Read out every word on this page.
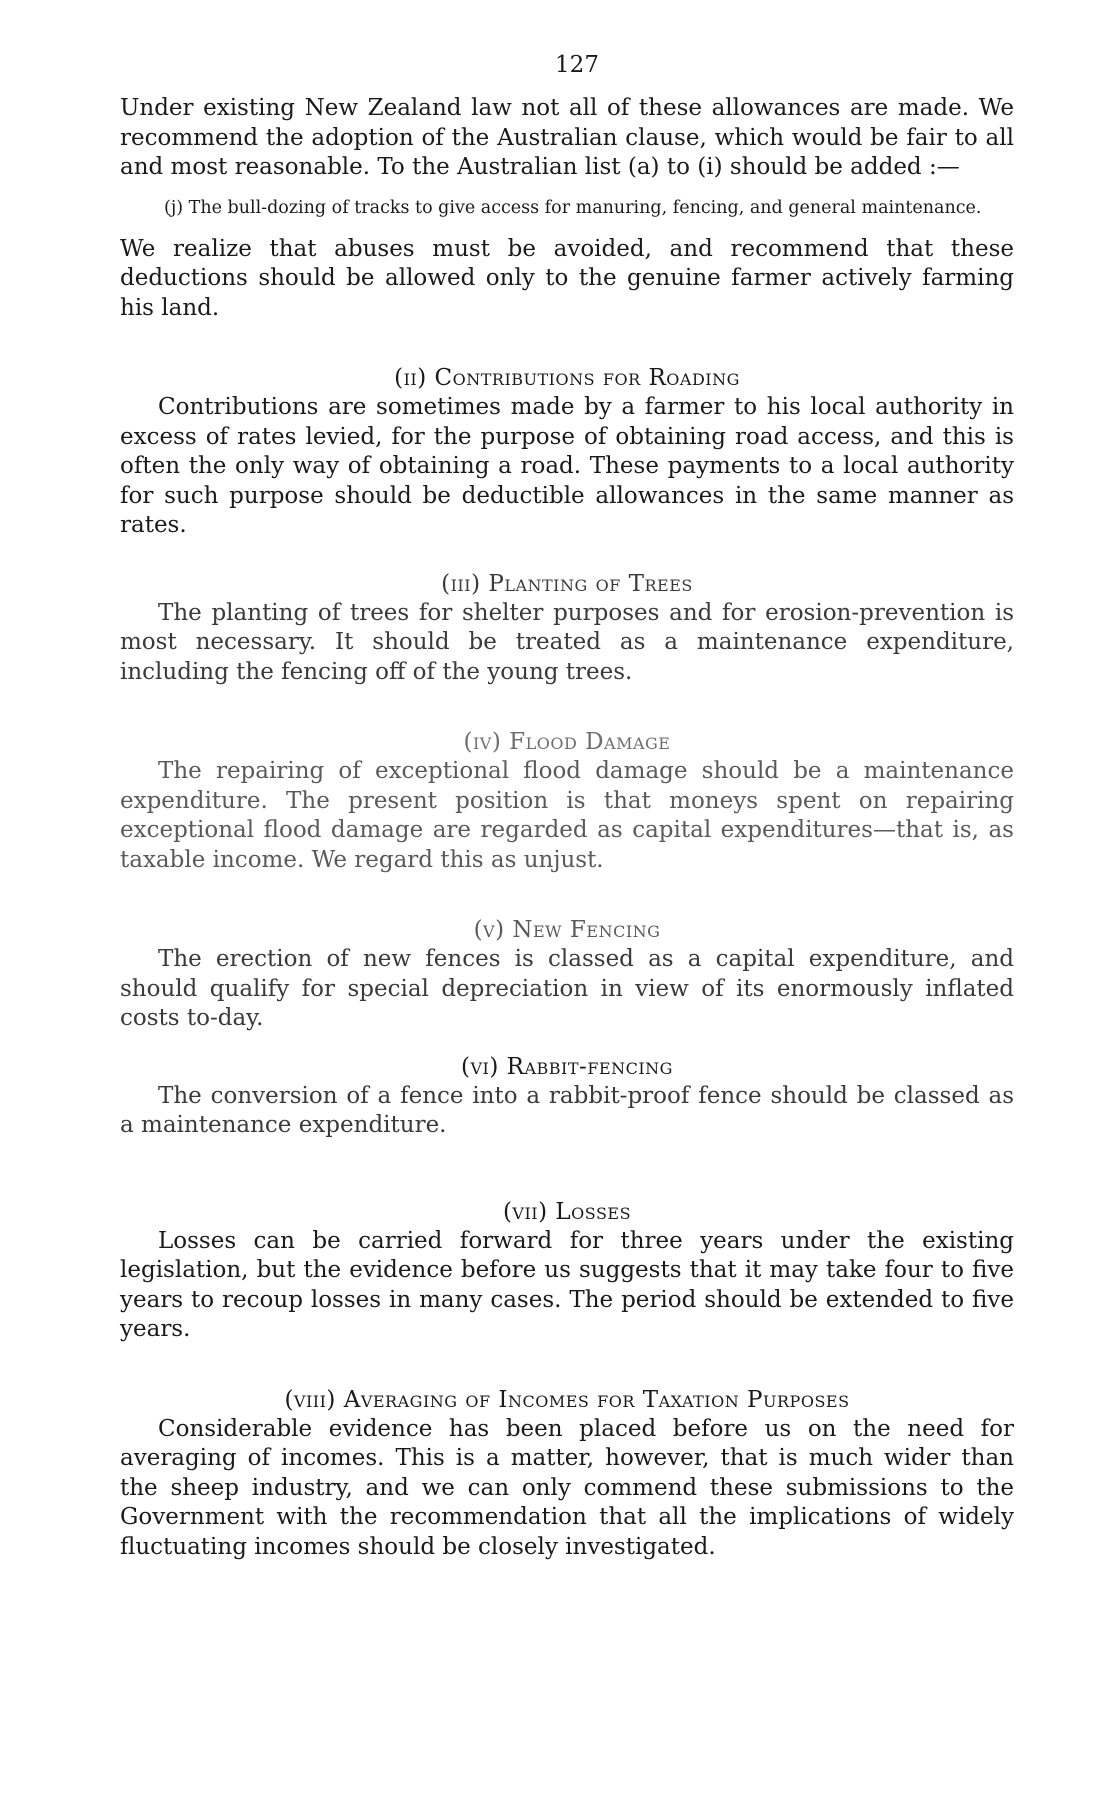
127

Under existing New Zealand law not all of these allowances are made. We recommend the adoption of the Australian clause, which would be fair to all and most reasonable. To the Australian list (a) to (i) should be added :—

(j) The bull-dozing of tracks to give access for manuring, fencing, and general maintenance.

We realize that abuses must be avoided, and recommend that these deductions should be allowed only to the genuine farmer actively farming his land.

(ii) Contributions for Roading

Contributions are sometimes made by a farmer to his local authority in excess of rates levied, for the purpose of obtaining road access, and this is often the only way of obtaining a road. These payments to a local authority for such purpose should be deductible allowances in the same manner as rates.

(iii) Planting of Trees

The planting of trees for shelter purposes and for erosion-prevention is most necessary. It should be treated as a maintenance expenditure, including the fencing off of the young trees.

(iv) Flood Damage

The repairing of exceptional flood damage should be a maintenance expenditure. The present position is that moneys spent on repairing exceptional flood damage are regarded as capital expenditures—that is, as taxable income. We regard this as unjust.

(v) New Fencing

The erection of new fences is classed as a capital expenditure, and should qualify for special depreciation in view of its enormously inflated costs to-day.

(vi) Rabbit-fencing

The conversion of a fence into a rabbit-proof fence should be classed as a maintenance expenditure.

(vii) Losses

Losses can be carried forward for three years under the existing legislation, but the evidence before us suggests that it may take four to five years to recoup losses in many cases. The period should be extended to five years.

(viii) Averaging of Incomes for Taxation Purposes

Considerable evidence has been placed before us on the need for averaging of incomes. This is a matter, however, that is much wider than the sheep industry, and we can only commend these submissions to the Government with the recommendation that all the implications of widely fluctuating incomes should be closely investigated.
